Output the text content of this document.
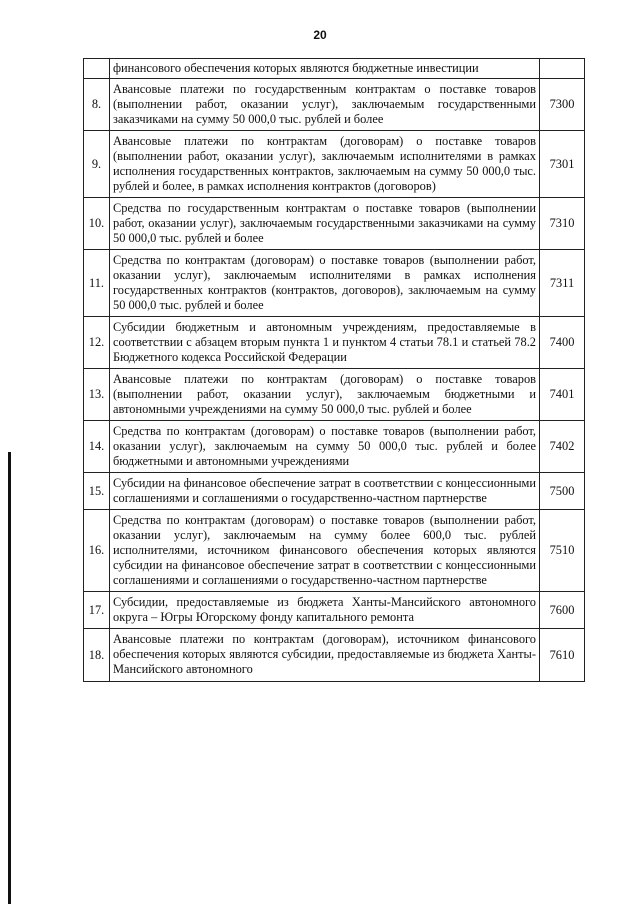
20
	финансового обеспечения которых являются бюджетные инвестиции	
8.	Авансовые платежи по государственным контрактам о поставке товаров (выполнении работ, оказании услуг), заключаемым государственными заказчиками на сумму 50 000,0 тыс. рублей и более	7300
9.	Авансовые платежи по контрактам (договорам) о поставке товаров (выполнении работ, оказании услуг), заключаемым исполнителями в рамках исполнения государственных контрактов, заключаемым на сумму 50 000,0 тыс. рублей и более, в рамках исполнения контрактов (договоров)	7301
10.	Средства по государственным контрактам о поставке товаров (выполнении работ, оказании услуг), заключаемым государственными заказчиками на сумму 50 000,0 тыс. рублей и более	7310
11.	Средства по контрактам (договорам) о поставке товаров (выполнении работ, оказании услуг), заключаемым исполнителями в рамках исполнения государственных контрактов (контрактов, договоров), заключаемым на сумму 50 000,0 тыс. рублей и более	7311
12.	Субсидии бюджетным и автономным учреждениям, предоставляемые в соответствии с абзацем вторым пункта 1 и пунктом 4 статьи 78.1 и статьей 78.2 Бюджетного кодекса Российской Федерации	7400
13.	Авансовые платежи по контрактам (договорам) о поставке товаров (выполнении работ, оказании услуг), заключаемым бюджетными и автономными учреждениями на сумму 50 000,0 тыс. рублей и более	7401
14.	Средства по контрактам (договорам) о поставке товаров (выполнении работ, оказании услуг), заключаемым на сумму 50 000,0 тыс. рублей и более бюджетными и автономными учреждениями	7402
15.	Субсидии на финансовое обеспечение затрат в соответствии с концессионными соглашениями и соглашениями о государственно-частном партнерстве	7500
16.	Средства по контрактам (договорам) о поставке товаров (выполнении работ, оказании услуг), заключаемым на сумму более 600,0 тыс. рублей исполнителями, источником финансового обеспечения которых являются субсидии на финансовое обеспечение затрат в соответствии с концессионными соглашениями и соглашениями о государственно-частном партнерстве	7510
17.	Субсидии, предоставляемые из бюджета Ханты-Мансийского автономного округа – Югры Югорскому фонду капитального ремонта	7600
18.	Авансовые платежи по контрактам (договорам), источником финансового обеспечения которых являются субсидии, предоставляемые из бюджета Ханты-Мансийского автономного	7610
